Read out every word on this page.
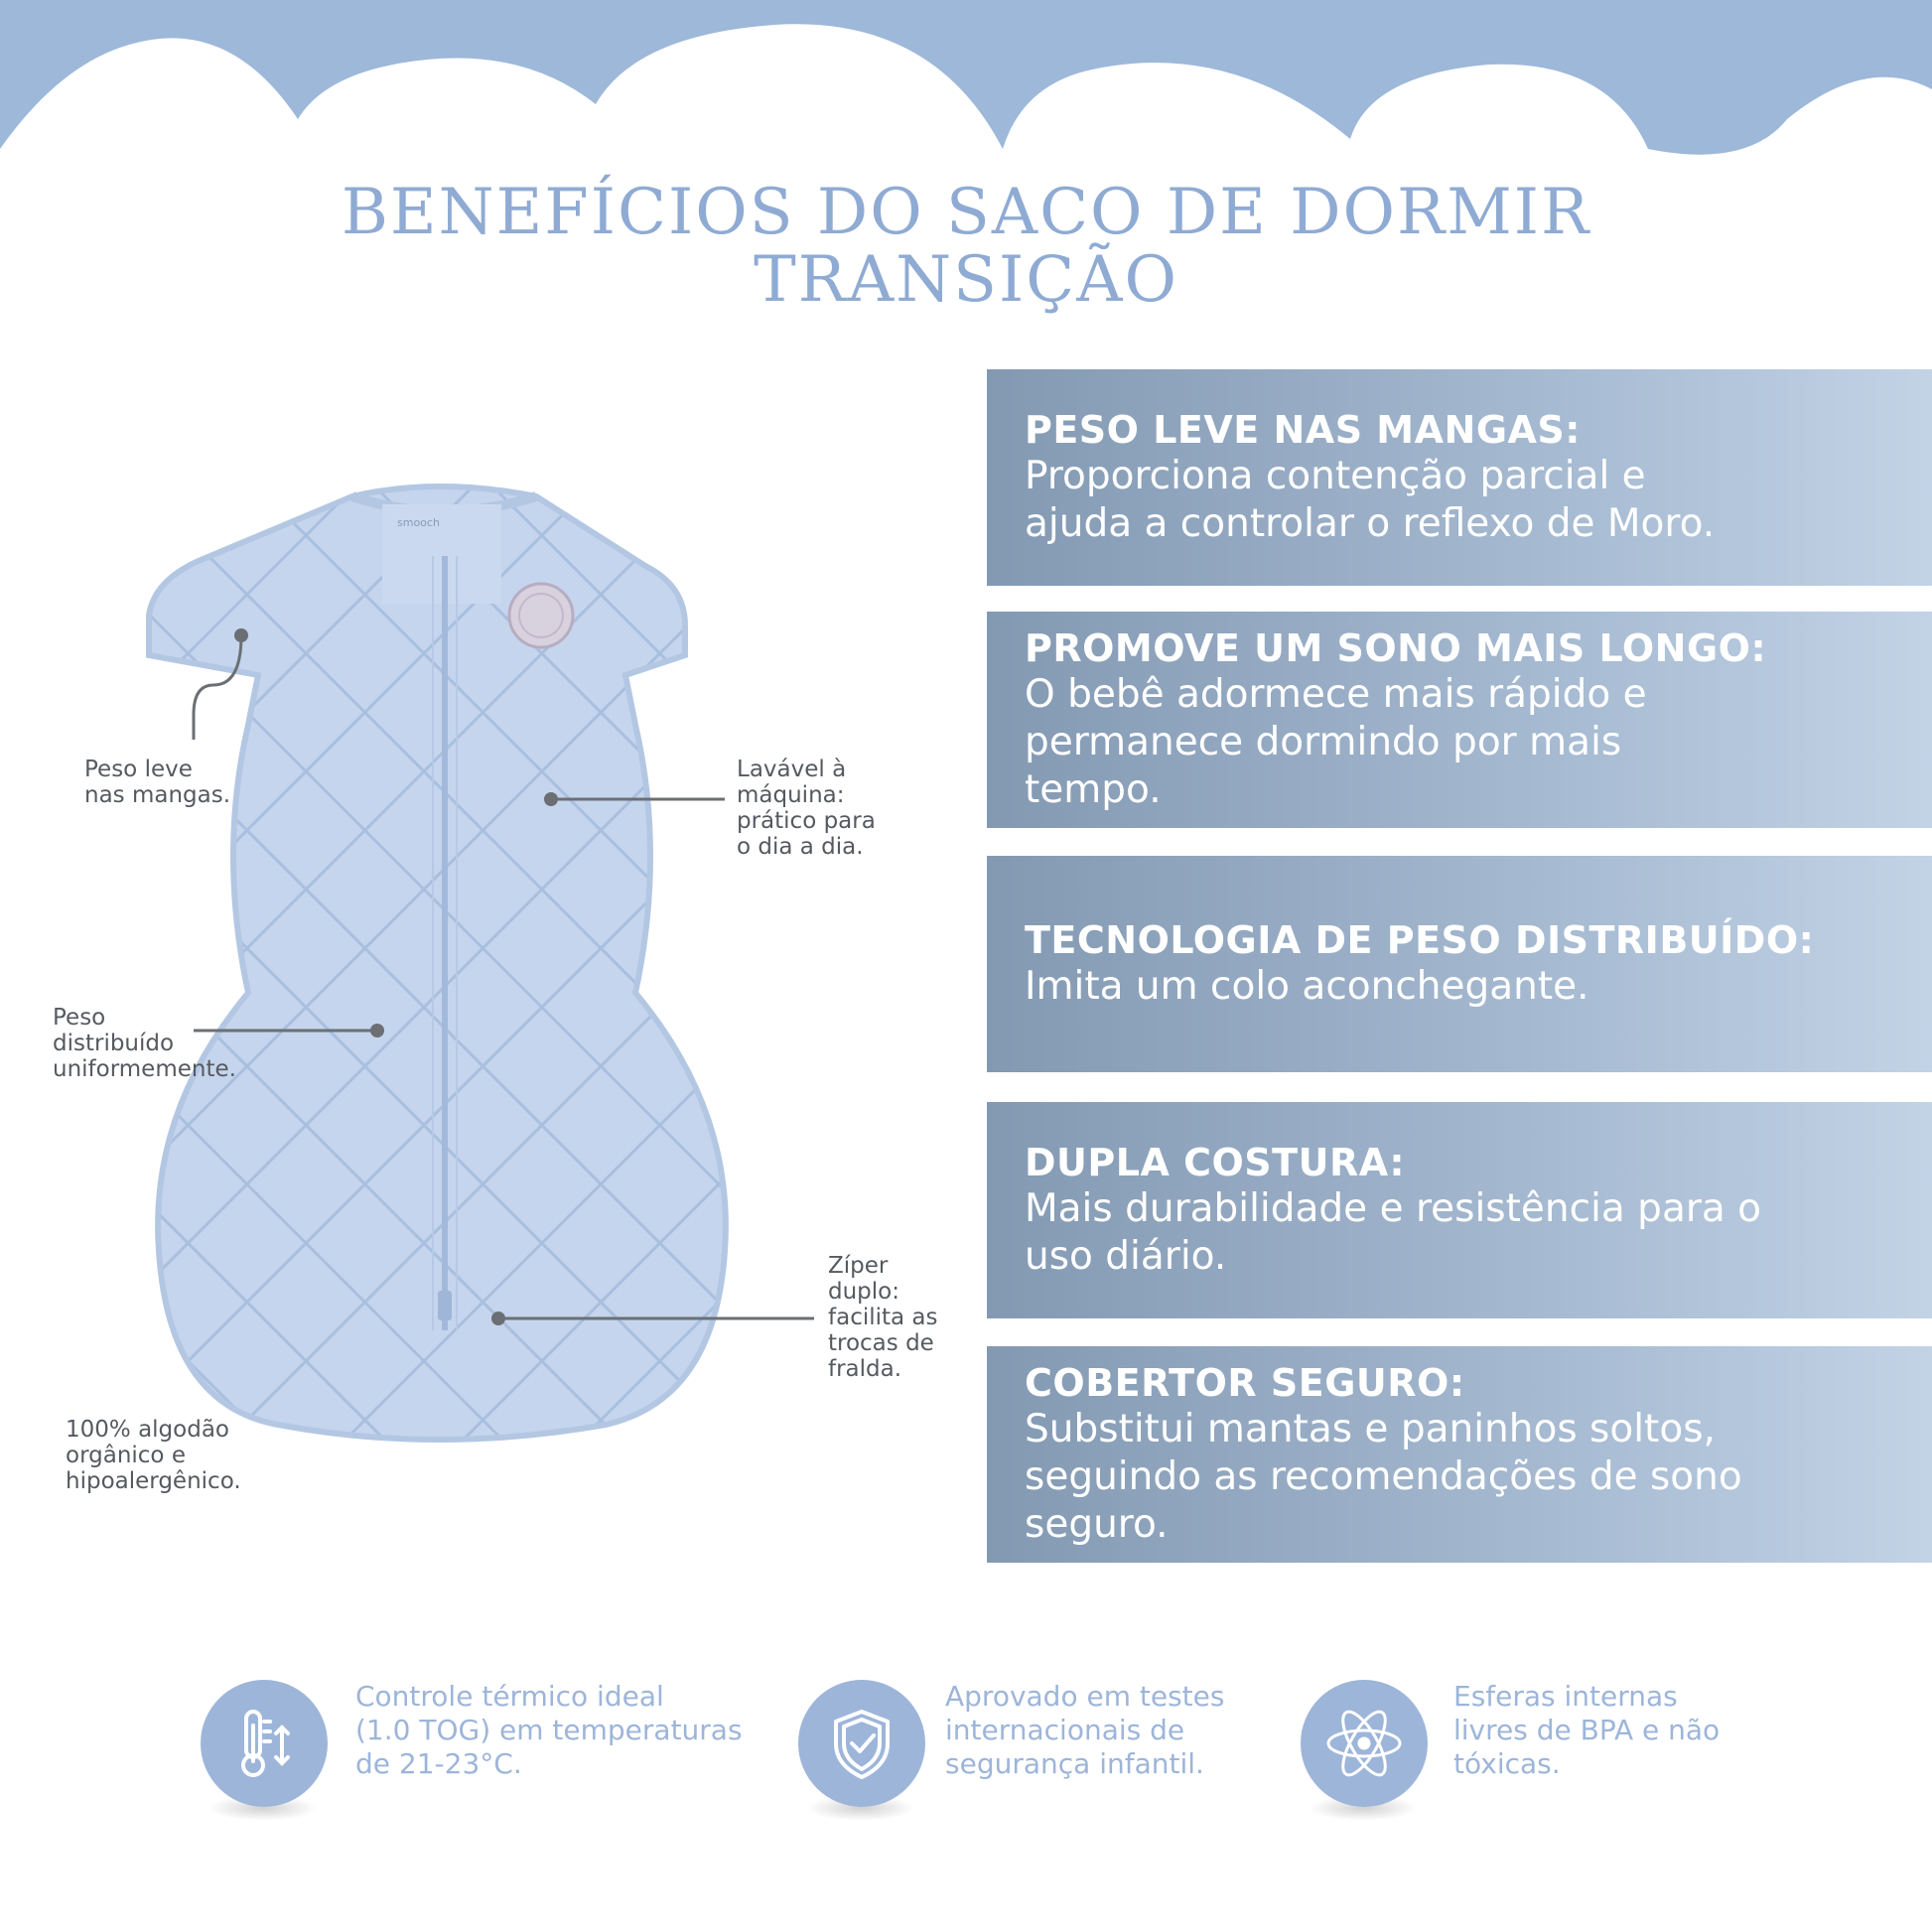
BENEFÍCIOS DO SACO DE DORMIR
TRANSIÇÃO
smooch
Peso leve
nas mangas.
Lavável à
máquina:
prático para
o dia a dia.
Peso
distribuído
uniformemente.
Zíper
duplo:
facilita as
trocas de
fralda.
100% algodão
orgânico e
hipoalergênico.
PESO LEVE NAS MANGAS:
Proporciona contenção parcial e
ajuda a controlar o reflexo de Moro.
PROMOVE UM SONO MAIS LONGO:
O bebê adormece mais rápido e
permanece dormindo por mais
tempo.
TECNOLOGIA DE PESO DISTRIBUÍDO:
Imita um colo aconchegante.
DUPLA COSTURA:
Mais durabilidade e resistência para o
uso diário.
COBERTOR SEGURO:
Substitui mantas e paninhos soltos,
seguindo as recomendações de sono
seguro.
Controle térmico ideal
(1.0 TOG) em temperaturas
de 21-23°C.
Aprovado em testes
internacionais de
segurança infantil.
Esferas internas
livres de BPA e não
tóxicas.
